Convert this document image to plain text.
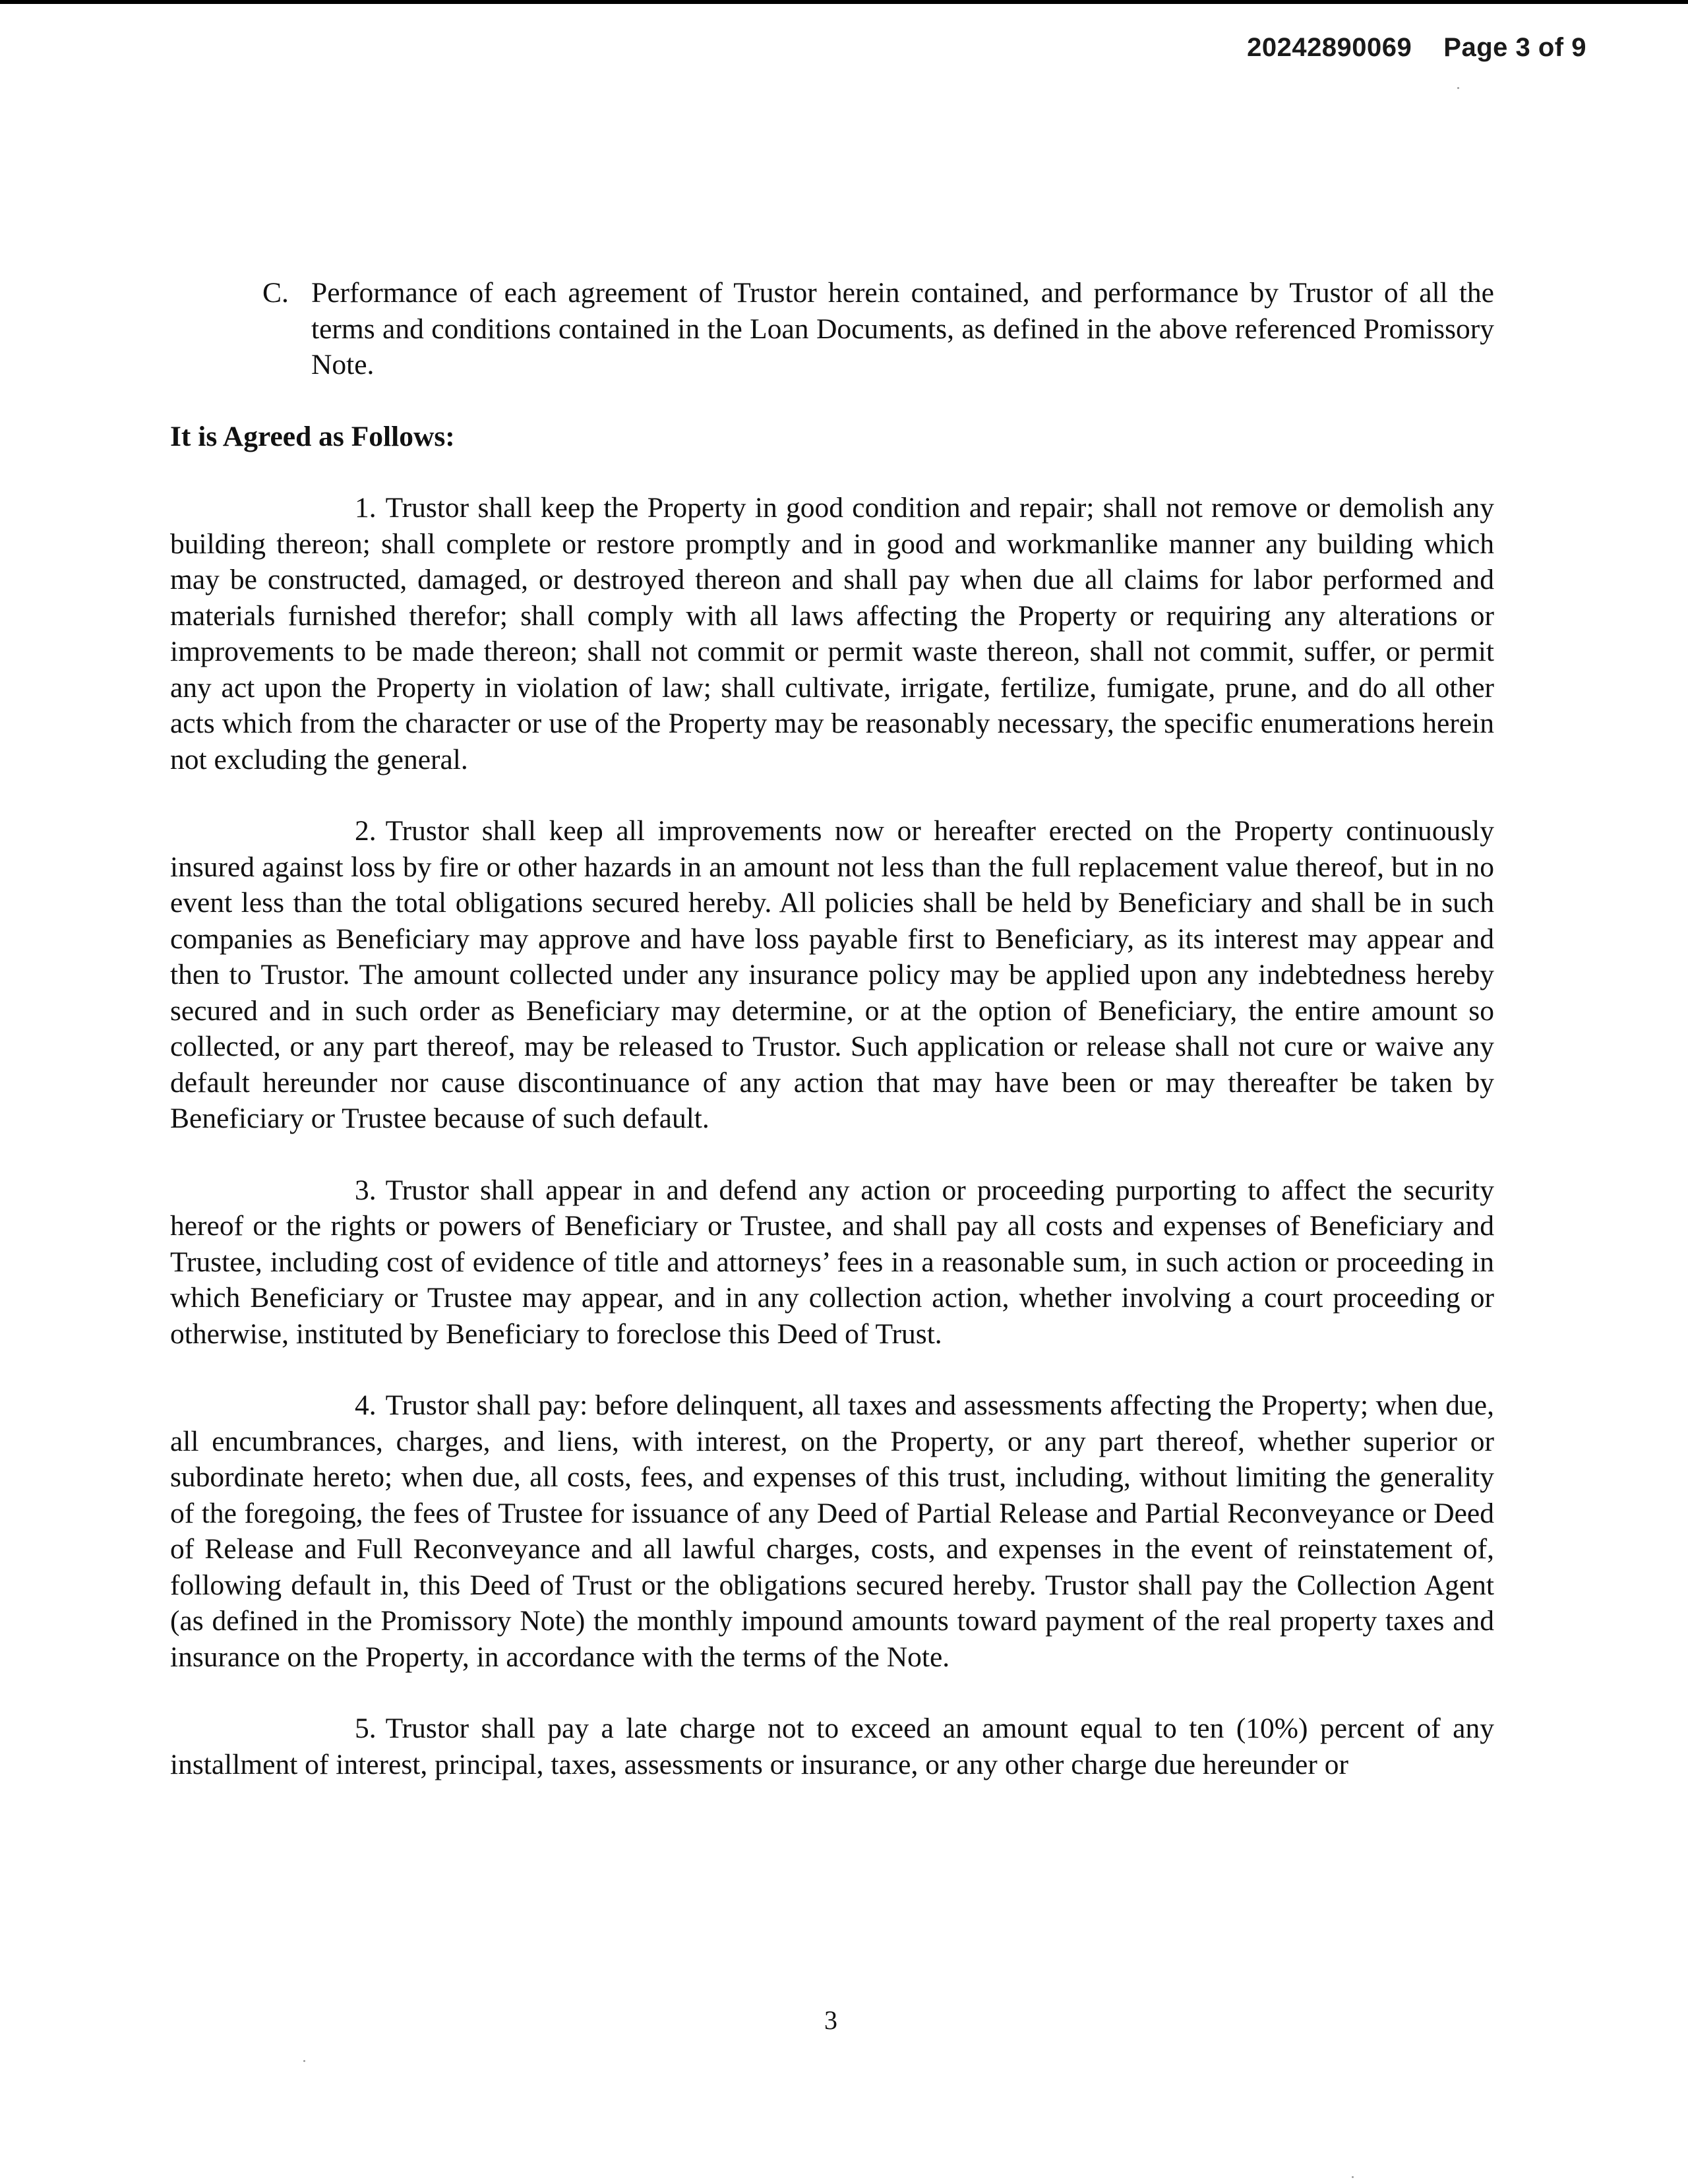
20242890069 Page 3 of 9
C. Performance of each agreement of Trustor herein contained, and performance by Trustor of all the terms and conditions contained in the Loan Documents, as defined in the above referenced Promissory Note.

It is Agreed as Follows:

1. Trustor shall keep the Property in good condition and repair; shall not remove or demolish any building thereon; shall complete or restore promptly and in good and workmanlike manner any building which may be constructed, damaged, or destroyed thereon and shall pay when due all claims for labor performed and materials furnished therefor; shall comply with all laws affecting the Property or requiring any alterations or improvements to be made thereon; shall not commit or permit waste thereon, shall not commit, suffer, or permit any act upon the Property in violation of law; shall cultivate, irrigate, fertilize, fumigate, prune, and do all other acts which from the character or use of the Property may be reasonably necessary, the specific enumerations herein not excluding the general.

2. Trustor shall keep all improvements now or hereafter erected on the Property continuously insured against loss by fire or other hazards in an amount not less than the full replacement value thereof, but in no event less than the total obligations secured hereby. All policies shall be held by Beneficiary and shall be in such companies as Beneficiary may approve and have loss payable first to Beneficiary, as its interest may appear and then to Trustor. The amount collected under any insurance policy may be applied upon any indebtedness hereby secured and in such order as Beneficiary may determine, or at the option of Beneficiary, the entire amount so collected, or any part thereof, may be released to Trustor. Such application or release shall not cure or waive any default hereunder nor cause discontinuance of any action that may have been or may thereafter be taken by Beneficiary or Trustee because of such default.

3. Trustor shall appear in and defend any action or proceeding purporting to affect the security hereof or the rights or powers of Beneficiary or Trustee, and shall pay all costs and expenses of Beneficiary and Trustee, including cost of evidence of title and attorneys’ fees in a reasonable sum, in such action or proceeding in which Beneficiary or Trustee may appear, and in any collection action, whether involving a court proceeding or otherwise, instituted by Beneficiary to foreclose this Deed of Trust.

4. Trustor shall pay: before delinquent, all taxes and assessments affecting the Property; when due, all encumbrances, charges, and liens, with interest, on the Property, or any part thereof, whether superior or subordinate hereto; when due, all costs, fees, and expenses of this trust, including, without limiting the generality of the foregoing, the fees of Trustee for issuance of any Deed of Partial Release and Partial Reconveyance or Deed of Release and Full Reconveyance and all lawful charges, costs, and expenses in the event of reinstatement of, following default in, this Deed of Trust or the obligations secured hereby. Trustor shall pay the Collection Agent (as defined in the Promissory Note) the monthly impound amounts toward payment of the real property taxes and insurance on the Property, in accordance with the terms of the Note.

5. Trustor shall pay a late charge not to exceed an amount equal to ten (10%) percent of any installment of interest, principal, taxes, assessments or insurance, or any other charge due hereunder or

3
